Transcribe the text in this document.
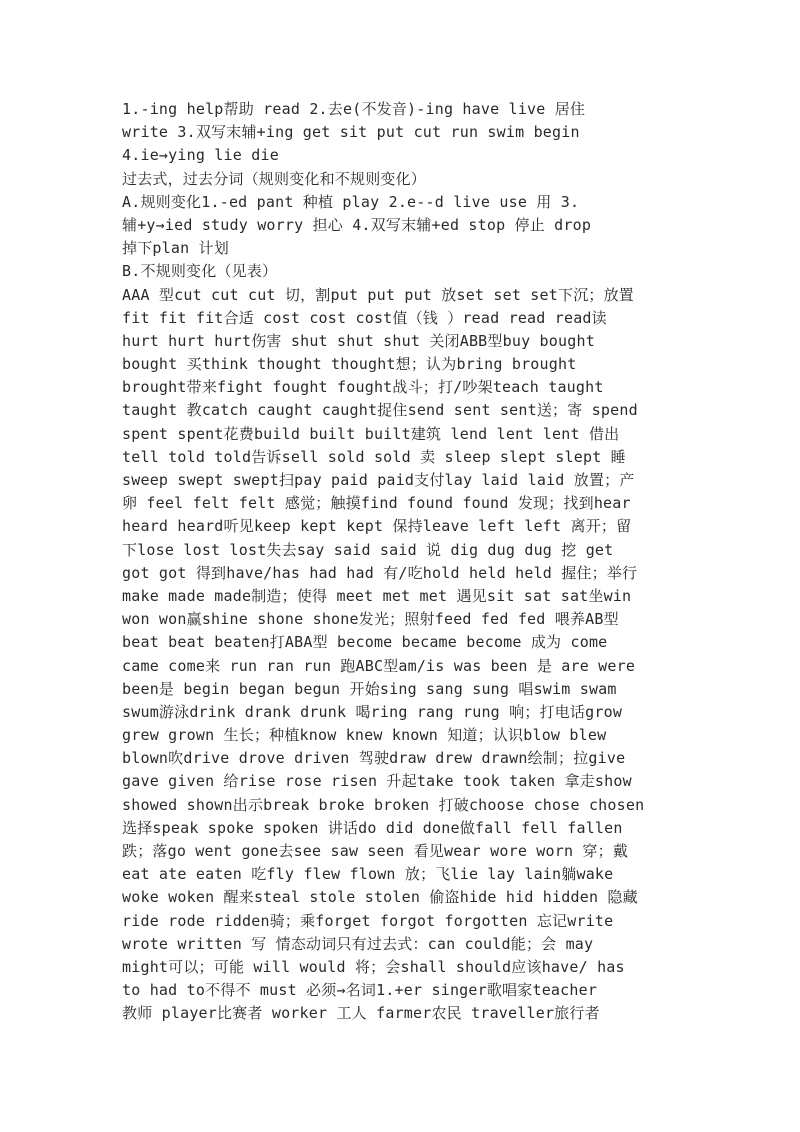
1.-ing help帮助 read 2.去e(不发音)-ing have live 居住
write 3.双写末辅+ing get sit put cut run swim begin
4.ie→ying lie die
过去式，过去分词（规则变化和不规则变化）
A.规则变化1.-ed pant 种植 play 2.e--d live use 用 3.
辅+y→ied study worry 担心 4.双写末辅+ed stop 停止 drop
掉下plan 计划
B.不规则变化（见表）
AAA 型cut cut cut 切，割put put put 放set set set下沉；放置
fit fit fit合适 cost cost cost值（钱 ）read read read读
hurt hurt hurt伤害 shut shut shut 关闭ABB型buy bought
bought 买think thought thought想；认为bring brought
brought带来fight fought fought战斗；打/吵架teach taught
taught 教catch caught caught捉住send sent sent送；寄 spend
spent spent花费build built built建筑 lend lent lent 借出
tell told told告诉sell sold sold 卖 sleep slept slept 睡
sweep swept swept扫pay paid paid支付lay laid laid 放置；产
卵 feel felt felt 感觉；触摸find found found 发现；找到hear
heard heard听见keep kept kept 保持leave left left 离开；留
下lose lost lost失去say said said 说 dig dug dug 挖 get
got got 得到have/has had had 有/吃hold held held 握住；举行
make made made制造；使得 meet met met 遇见sit sat sat坐win
won won赢shine shone shone发光；照射feed fed fed 喂养AB型
beat beat beaten打ABA型 become became become 成为 come
came come来 run ran run 跑ABC型am/is was been 是 are were
been是 begin began begun 开始sing sang sung 唱swim swam
swum游泳drink drank drunk 喝ring rang rung 响；打电话grow
grew grown 生长；种植know knew known 知道；认识blow blew
blown吹drive drove driven 驾驶draw drew drawn绘制；拉give
gave given 给rise rose risen 升起take took taken 拿走show
showed shown出示break broke broken 打破choose chose chosen
选择speak spoke spoken 讲话do did done做fall fell fallen
跌；落go went gone去see saw seen 看见wear wore worn 穿；戴
eat ate eaten 吃fly flew flown 放；飞lie lay lain躺wake
woke woken 醒来steal stole stolen 偷盗hide hid hidden 隐藏
ride rode ridden骑；乘forget forgot forgotten 忘记write
wrote written 写 情态动词只有过去式：can could能；会 may
might可以；可能 will would 将；会shall should应该have/ has
to had to不得不 must 必须→名词1.+er singer歌唱家teacher
教师 player比赛者 worker 工人 farmer农民 traveller旅行者
